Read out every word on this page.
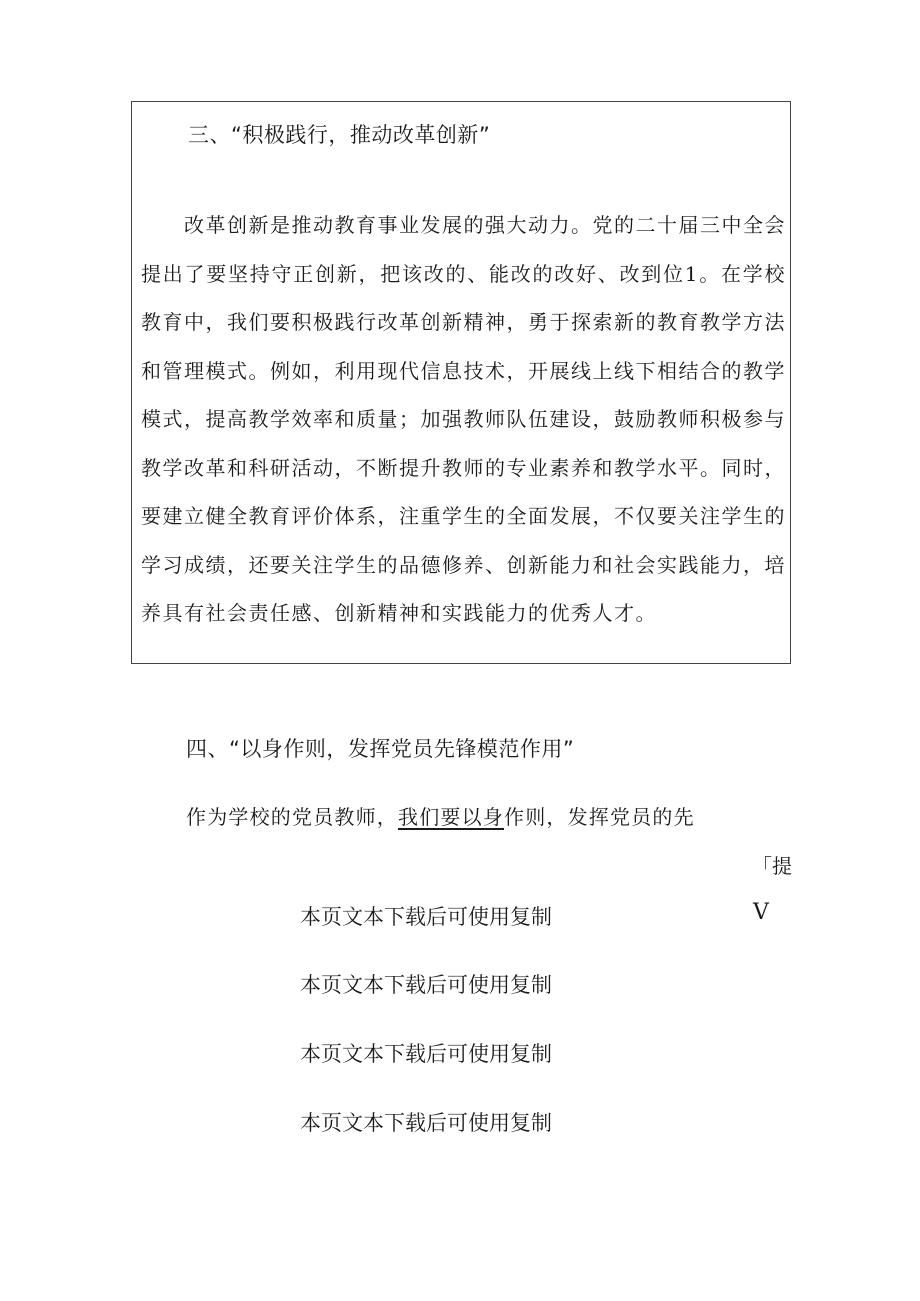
三、“积极践行，推动改革创新”
改革创新是推动教育事业发展的强大动力。党的二十届三中全会提出了要坚持守正创新，把该改的、能改的改好、改到位1。在学校教育中，我们要积极践行改革创新精神，勇于探索新的教育教学方法和管理模式。例如，利用现代信息技术，开展线上线下相结合的教学模式，提高教学效率和质量；加强教师队伍建设，鼓励教师积极参与教学改革和科研活动，不断提升教师的专业素养和教学水平。同时，要建立健全教育评价体系，注重学生的全面发展，不仅要关注学生的学习成绩，还要关注学生的品德修养、创新能力和社会实践能力，培养具有社会责任感、创新精神和实践能力的优秀人才。
四、“以身作则，发挥党员先锋模范作用”
作为学校的党员教师，我们要以身作则，发挥党员的先
「提
V
本页文本下载后可使用复制
本页文本下载后可使用复制
本页文本下载后可使用复制
本页文本下载后可使用复制
